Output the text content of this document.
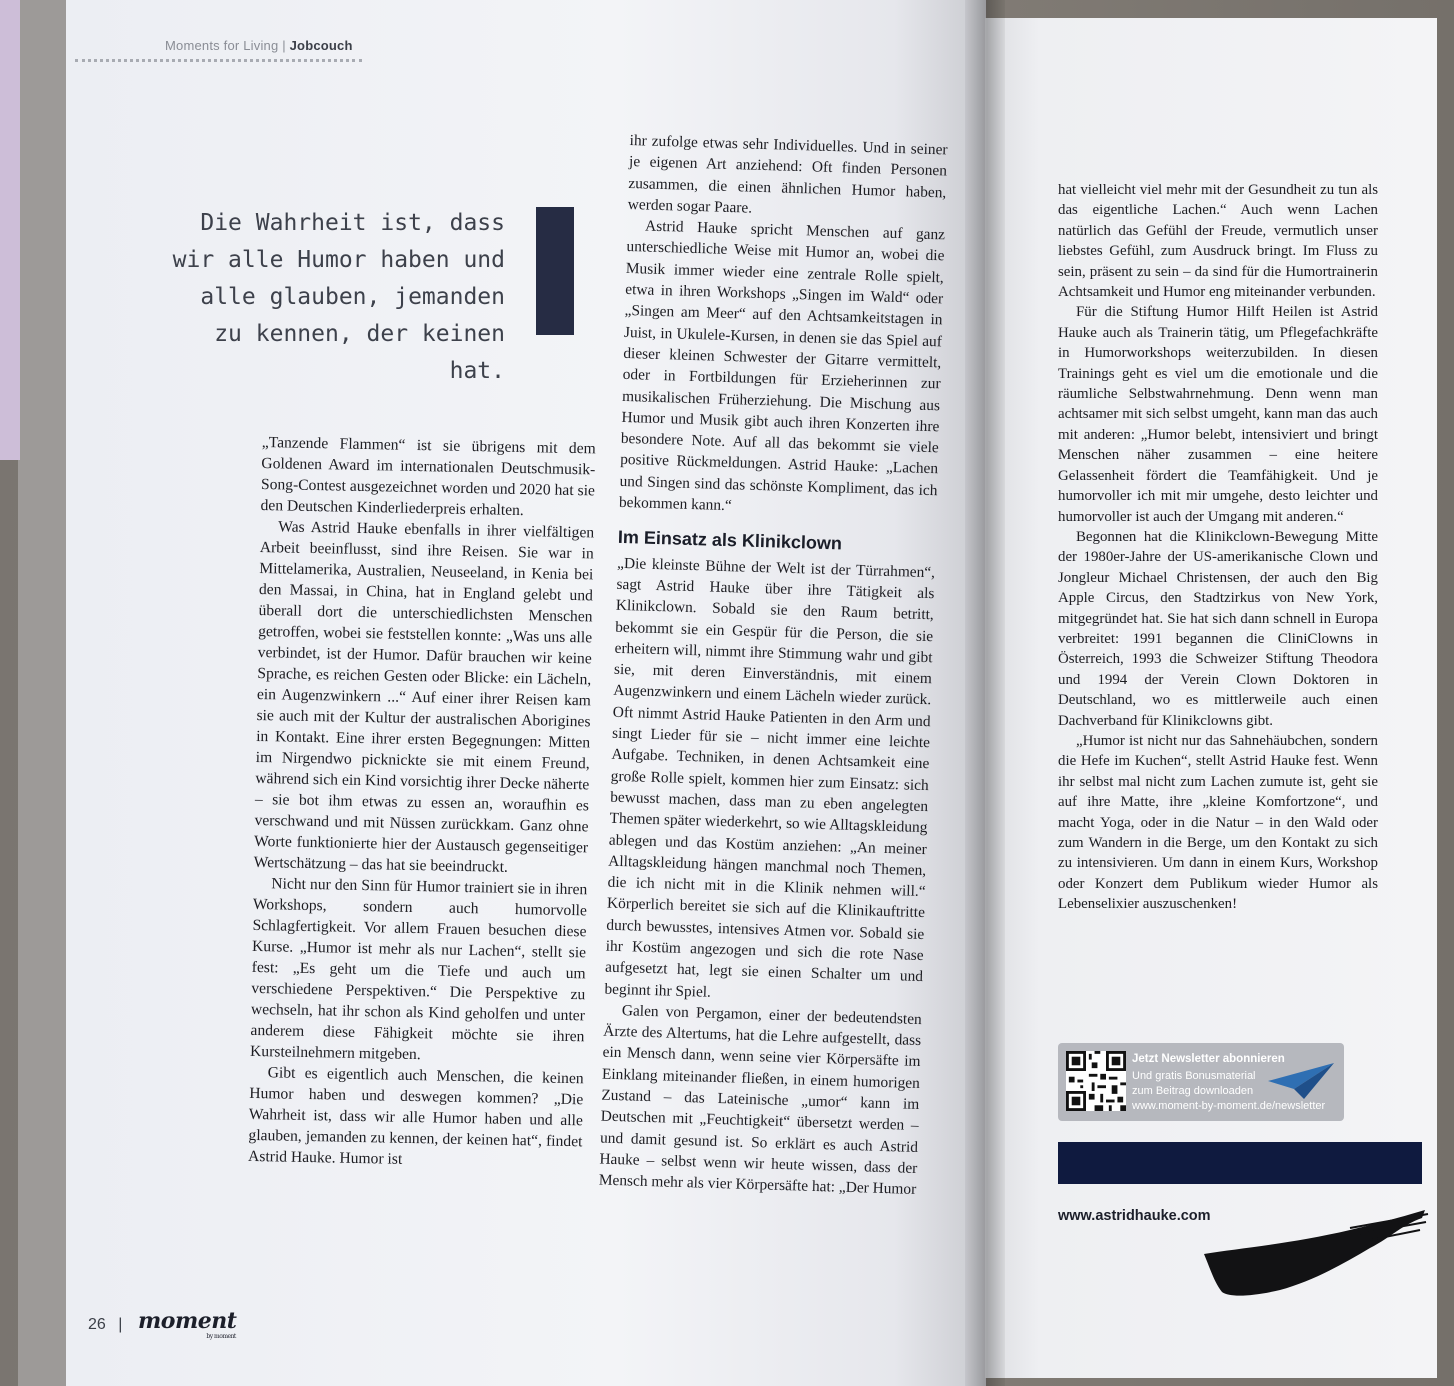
Moments for Living | Jobcouch
Die Wahrheit ist, dass wir alle Humor haben und alle glauben, jemanden zu kennen, der keinen hat.

„Tanzende Flammen“ ist sie übrigens mit dem Goldenen Award im internationalen Deutschmusik-Song-Contest ausgezeichnet worden und 2020 hat sie den Deutschen Kinderliederpreis erhalten.

Was Astrid Hauke ebenfalls in ihrer vielfältigen Arbeit beeinflusst, sind ihre Reisen. Sie war in Mittelamerika, Australien, Neuseeland, in Kenia bei den Massai, in China, hat in England gelebt und überall dort die unterschiedlichsten Menschen getroffen, wobei sie feststellen konnte: „Was uns alle verbindet, ist der Humor. Dafür brauchen wir keine Sprache, es reichen Gesten oder Blicke: ein Lächeln, ein Augenzwinkern ...“ Auf einer ihrer Reisen kam sie auch mit der Kultur der australischen Aborigines in Kontakt. Eine ihrer ersten Begegnungen: Mitten im Nirgendwo picknickte sie mit einem Freund, während sich ein Kind vorsichtig ihrer Decke näherte – sie bot ihm etwas zu essen an, woraufhin es verschwand und mit Nüssen zurückkam. Ganz ohne Worte funktionierte hier der Austausch gegenseitiger Wertschätzung – das hat sie beeindruckt.

Nicht nur den Sinn für Humor trainiert sie in ihren Workshops, sondern auch humorvolle Schlagfertigkeit. Vor allem Frauen besuchen diese Kurse. „Humor ist mehr als nur Lachen“, stellt sie fest: „Es geht um die Tiefe und auch um verschiedene Perspektiven.“ Die Perspektive zu wechseln, hat ihr schon als Kind geholfen und unter anderem diese Fähigkeit möchte sie ihren Kursteilnehmern mitgeben.

Gibt es eigentlich auch Menschen, die keinen Humor haben und deswegen kommen? „Die Wahrheit ist, dass wir alle Humor haben und alle glauben, jemanden zu kennen, der keinen hat“, findet Astrid Hauke. Humor ist

ihr zufolge etwas sehr Individuelles. Und in seiner je eigenen Art anziehend: Oft finden Personen zusammen, die einen ähnlichen Humor haben, werden sogar Paare.

Astrid Hauke spricht Menschen auf ganz unterschiedliche Weise mit Humor an, wobei die Musik immer wieder eine zentrale Rolle spielt, etwa in ihren Workshops „Singen im Wald“ oder „Singen am Meer“ auf den Achtsamkeitstagen in Juist, in Ukulele-Kursen, in denen sie das Spiel auf dieser kleinen Schwester der Gitarre vermittelt, oder in Fortbildungen für Erzieherinnen zur musikalischen Früherziehung. Die Mischung aus Humor und Musik gibt auch ihren Konzerten ihre besondere Note. Auf all das bekommt sie viele positive Rückmeldungen. Astrid Hauke: „Lachen und Singen sind das schönste Kompliment, das ich bekommen kann.“

Im Einsatz als Klinikclown

„Die kleinste Bühne der Welt ist der Türrahmen“, sagt Astrid Hauke über ihre Tätigkeit als Klinikclown. Sobald sie den Raum betritt, bekommt sie ein Gespür für die Person, die sie erheitern will, nimmt ihre Stimmung wahr und gibt sie, mit deren Einverständnis, mit einem Augenzwinkern und einem Lächeln wieder zurück. Oft nimmt Astrid Hauke Patienten in den Arm und singt Lieder für sie – nicht immer eine leichte Aufgabe. Techniken, in denen Achtsamkeit eine große Rolle spielt, kommen hier zum Einsatz: sich bewusst machen, dass man zu eben angelegten Themen später wiederkehrt, so wie Alltagskleidung ablegen und das Kostüm anziehen: „An meiner Alltagskleidung hängen manchmal noch Themen, die ich nicht mit in die Klinik nehmen will.“ Körperlich bereitet sie sich auf die Klinikauftritte durch bewusstes, intensives Atmen vor. Sobald sie ihr Kostüm angezogen und sich die rote Nase aufgesetzt hat, legt sie einen Schalter um und beginnt ihr Spiel.

Galen von Pergamon, einer der bedeutendsten Ärzte des Altertums, hat die Lehre aufgestellt, dass ein Mensch dann, wenn seine vier Körpersäfte im Einklang miteinander fließen, in einem humorigen Zustand – das Lateinische „umor“ kann im Deutschen mit „Feuchtigkeit“ übersetzt werden – und damit gesund ist. So erklärt es auch Astrid Hauke – selbst wenn wir heute wissen, dass der Mensch mehr als vier Körpersäfte hat: „Der Humor

hat vielleicht viel mehr mit der Gesundheit zu tun als das eigentliche Lachen.“ Auch wenn Lachen natürlich das Gefühl der Freude, vermutlich unser liebstes Gefühl, zum Ausdruck bringt. Im Fluss zu sein, präsent zu sein – da sind für die Humortrainerin Achtsamkeit und Humor eng miteinander verbunden.

Für die Stiftung Humor Hilft Heilen ist Astrid Hauke auch als Trainerin tätig, um Pflegefachkräfte in Humorworkshops weiterzubilden. In diesen Trainings geht es viel um die emotionale und die räumliche Selbstwahrnehmung. Denn wenn man achtsamer mit sich selbst umgeht, kann man das auch mit anderen: „Humor belebt, intensiviert und bringt Menschen näher zusammen – eine heitere Gelassenheit fördert die Teamfähigkeit. Und je humorvoller ich mit mir umgehe, desto leichter und humorvoller ist auch der Umgang mit anderen.“

Begonnen hat die Klinikclown-Bewegung Mitte der 1980er-Jahre der US-amerikanische Clown und Jongleur Michael Christensen, der auch den Big Apple Circus, den Stadtzirkus von New York, mitgegründet hat. Sie hat sich dann schnell in Europa verbreitet: 1991 begannen die CliniClowns in Österreich, 1993 die Schweizer Stiftung Theodora und 1994 der Verein Clown Doktoren in Deutschland, wo es mittlerweile auch einen Dachverband für Klinikclowns gibt.

„Humor ist nicht nur das Sahnehäubchen, sondern die Hefe im Kuchen“, stellt Astrid Hauke fest. Wenn ihr selbst mal nicht zum Lachen zumute ist, geht sie auf ihre Matte, ihre „kleine Komfortzone“, und macht Yoga, oder in die Natur – in den Wald oder zum Wandern in die Berge, um den Kontakt zu sich zu intensivieren. Um dann in einem Kurs, Workshop oder Konzert dem Publikum wieder Humor als Lebenselixier auszuschenken!

Jetzt Newsletter abonnieren
Und gratis Bonusmaterial
zum Beitrag downloaden
www.moment-by-moment.de/newsletter
www.astridhauke.com
26 | moment$_{by moment}$
